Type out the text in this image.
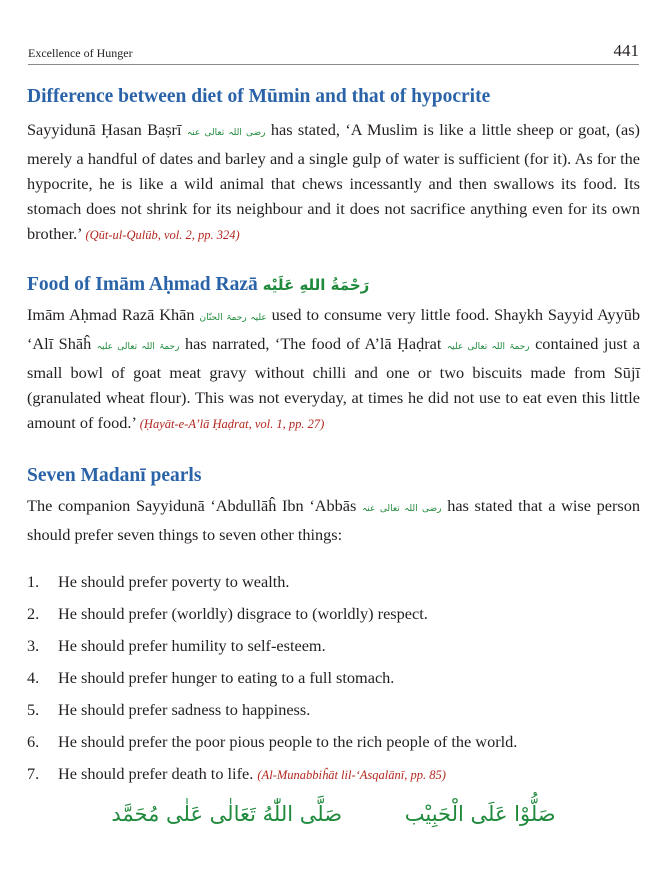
Excellence of Hunger	441
Difference between diet of Mūmin and that of hypocrite

Sayyidunā Ḥasan Baṣrī رضی اللہ تعالی عنہ has stated, ‘A Muslim is like a little sheep or goat, (as) merely a handful of dates and barley and a single gulp of water is sufficient (for it). As for the hypocrite, he is like a wild animal that chews incessantly and then swallows its food. Its stomach does not shrink for its neighbour and it does not sacrifice anything even for its own brother.’ (Qūt-ul-Qulūb, vol. 2, pp. 324)

Food of Imām Aḥmad Razā رَحْمَةُ اللهِ عَلَيْه

Imām Aḥmad Razā Khān علیہ رحمۃ الحنّان used to consume very little food. Shaykh Sayyid Ayyūb ‘Alī Shāĥ رحمۃ اللہ تعالی علیہ has narrated, ‘The food of A’lā Ḥaḍrat رحمۃ اللہ تعالی علیہ contained just a small bowl of goat meat gravy without chilli and one or two biscuits made from Sūjī (granulated wheat flour). This was not everyday, at times he did not use to eat even this little amount of food.’ (Ḥayāt-e-A’lā Ḥaḍrat, vol. 1, pp. 27)

Seven Madanī pearls

The companion Sayyidunā ‘Abdullāĥ Ibn ‘Abbās رضی اللہ تعالی عنہ has stated that a wise person should prefer seven things to seven other things:

1. He should prefer poverty to wealth.
2. He should prefer (worldly) disgrace to (worldly) respect.
3. He should prefer humility to self-esteem.
4. He should prefer hunger to eating to a full stomach.
5. He should prefer sadness to happiness.
6. He should prefer the poor pious people to the rich people of the world.
7. He should prefer death to life. (Al-Munabbiĥāt lil-‘Asqalānī, pp. 85)
صَلُّوْا عَلَى الْحَبِيْب صَلَّى اللّٰهُ تَعَالٰى عَلٰى مُحَمَّد
